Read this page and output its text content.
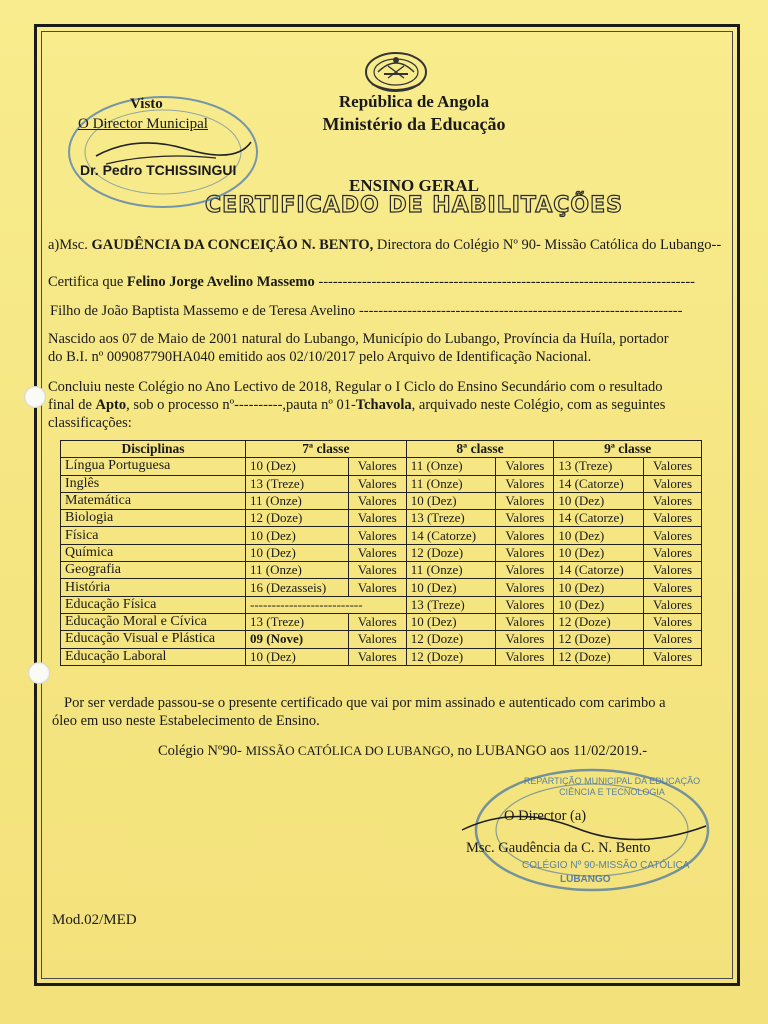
República de Angola
Ministério da Educação
ENSINO GERAL
CERTIFICADO DE HABILITAÇÕES
Visto
O Director Municipal
Dr. Pedro TCHISSINGUI
a)Msc. GAUDÊNCIA DA CONCEIÇÃO N. BENTO, Directora do Colégio Nº 90- Missão Católica do Lubango--
Certifica que Felino Jorge Avelino Massemo ------------------------------------------------------------------------------
Filho de João Baptista Massemo e de Teresa Avelino -------------------------------------------------------------------
Nascido aos 07 de Maio de 2001 natural do Lubango, Município do Lubango, Província da Huíla, portador
do B.I. nº 009087790HA040 emitido aos 02/10/2017 pelo Arquivo de Identificação Nacional.
Concluiu neste Colégio no Ano Lectivo de 2018, Regular o I Ciclo do Ensino Secundário com o resultado
final de Apto, sob o processo nº----------,pauta nº 01-Tchavola, arquivado neste Colégio, com as seguintes
classificações:
Disciplinas	7ª classe		8ª classe		9ª classe	
Língua Portuguesa	10 (Dez)	Valores	11 (Onze)	Valores	13 (Treze)	Valores
Inglês	13 (Treze)	Valores	11 (Onze)	Valores	14 (Catorze)	Valores
Matemática	11 (Onze)	Valores	10 (Dez)	Valores	10 (Dez)	Valores
Biologia	12 (Doze)	Valores	13 (Treze)	Valores	14 (Catorze)	Valores
Física	10 (Dez)	Valores	14 (Catorze)	Valores	10 (Dez)	Valores
Química	10 (Dez)	Valores	12 (Doze)	Valores	10 (Dez)	Valores
Geografia	11 (Onze)	Valores	11 (Onze)	Valores	14 (Catorze)	Valores
História	16 (Dezasseis)	Valores	10 (Dez)	Valores	10 (Dez)	Valores
Educação Física	--------------------------		13 (Treze)	Valores	10 (Dez)	Valores
Educação Moral e Cívica	13 (Treze)	Valores	10 (Dez)	Valores	12 (Doze)	Valores
Educação Visual e Plástica	09 (Nove)	Valores	12 (Doze)	Valores	12 (Doze)	Valores
Educação Laboral	10 (Dez)	Valores	12 (Doze)	Valores	12 (Doze)	Valores
Por ser verdade passou-se o presente certificado que vai por mim assinado e autenticado com carimbo a
óleo em uso neste Estabelecimento de Ensino.
Colégio Nº90- MISSÃO CATÓLICA DO LUBANGO, no LUBANGO aos 11/02/2019.-
REPARTIÇÃO MUNICIPAL DA EDUCAÇÃO CIÊNCIA E TECNOLOGIA
O Director (a)
Msc. Gaudência da C. N. Bento
COLÉGIO Nº 90-MISSÃO CATÓLICA
LUBANGO
Mod.02/MED
